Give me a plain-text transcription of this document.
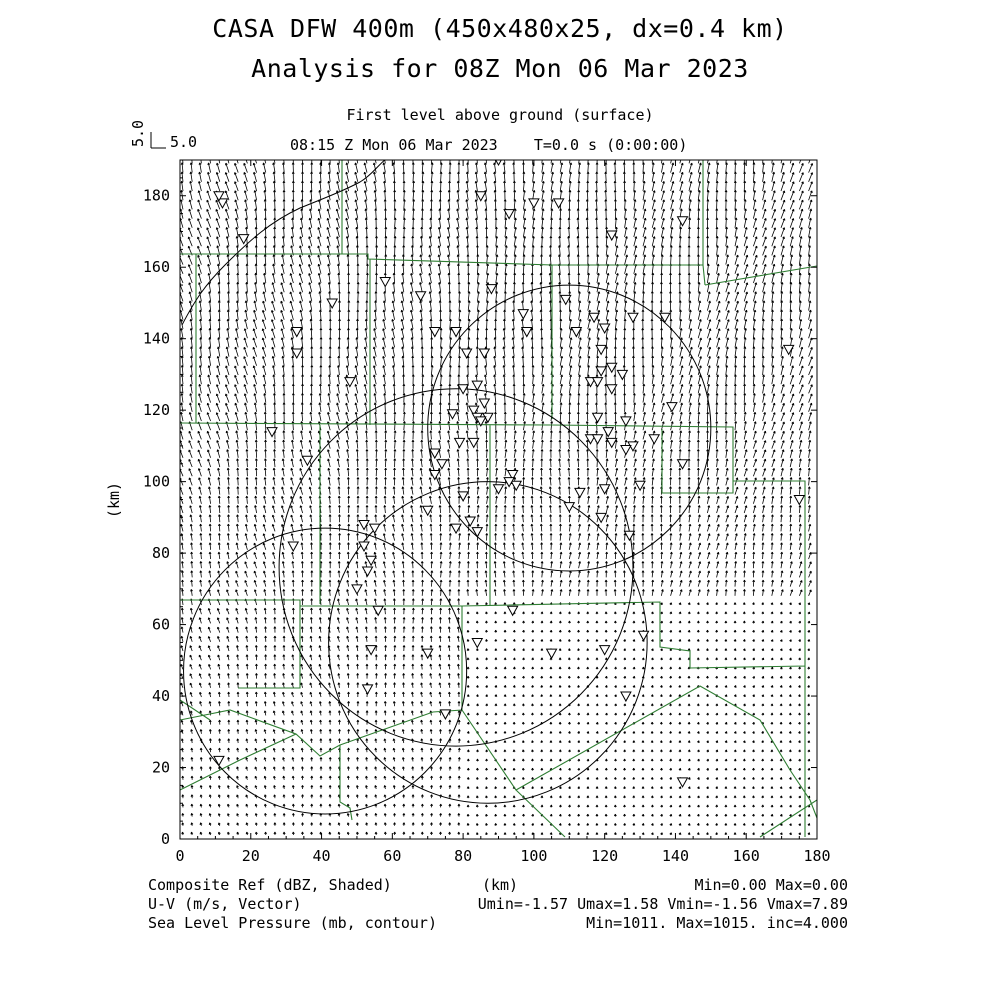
CASA DFW 400m (450x480x25, dx=0.4 km)
Analysis for 08Z Mon 06 Mar 2023
First level above ground (surface)
08:15 Z Mon 06 Mar 2023    T=0.0 s (0:00:00)
5.0 5.0
0	20	40	60	80	100	120	140	160	180
0
20
40
60
80
100
120
140
160
180
(km)
(km)
Composite Ref (dBZ, Shaded)	Min=0.00 Max=0.00
U-V (m/s, Vector)	Umin=-1.57 Umax=1.58 Vmin=-1.56 Vmax=7.89
Sea Level Pressure (mb, contour)	Min=1011. Max=1015. inc=4.000
